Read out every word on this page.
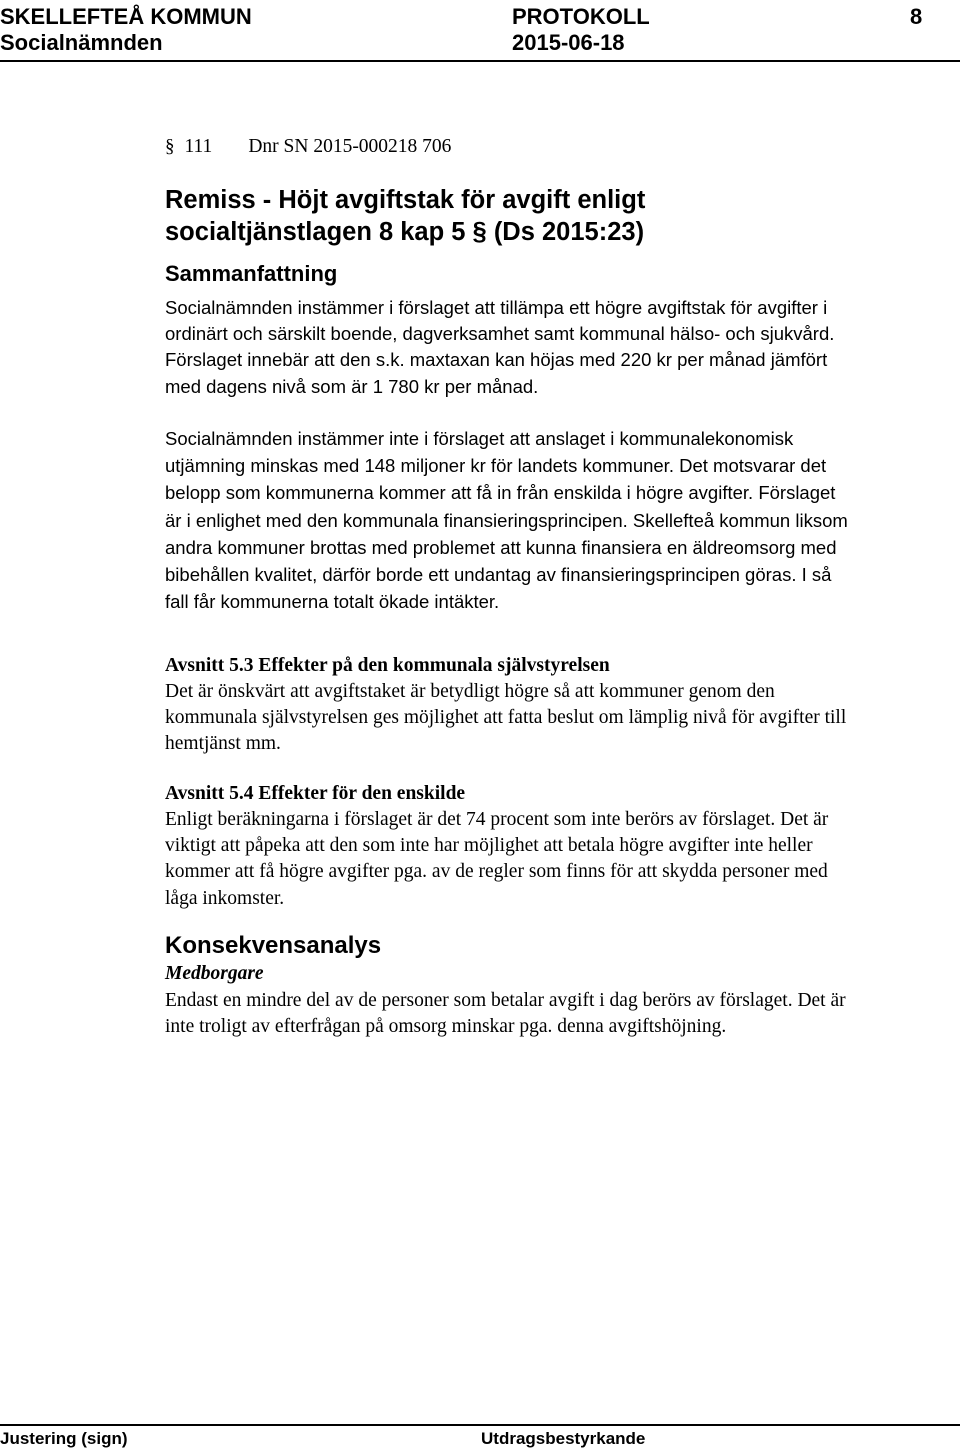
SKELLEFTEÅ KOMMUN
Socialnämnden
PROTOKOLL
2015-06-18
8
§ 111 Dnr SN 2015-000218 706
Remiss - Höjt avgiftstak för avgift enligt
socialtjänstlagen 8 kap 5 § (Ds 2015:23)
Sammanfattning

Socialnämnden instämmer i förslaget att tillämpa ett högre avgiftstak för avgifter i ordinärt och särskilt boende, dagverksamhet samt kommunal hälso- och sjukvård. Förslaget innebär att den s.k. maxtaxan kan höjas med 220 kr per månad jämfört med dagens nivå som är 1 780 kr per månad.

Socialnämnden instämmer inte i förslaget att anslaget i kommunalekonomisk utjämning minskas med 148 miljoner kr för landets kommuner. Det motsvarar det belopp som kommunerna kommer att få in från enskilda i högre avgifter. Förslaget är i enlighet med den kommunala finansieringsprincipen. Skellefteå kommun liksom andra kommuner brottas med problemet att kunna finansiera en äldreomsorg med bibehållen kvalitet, därför borde ett undantag av finansieringsprincipen göras. I så fall får kommunerna totalt ökade intäkter.

Avsnitt 5.3 Effekter på den kommunala självstyrelsen

Det är önskvärt att avgiftstaket är betydligt högre så att kommuner genom den kommunala självstyrelsen ges möjlighet att fatta beslut om lämplig nivå för avgifter till hemtjänst mm.

Avsnitt 5.4 Effekter för den enskilde

Enligt beräkningarna i förslaget är det 74 procent som inte berörs av förslaget. Det är viktigt att påpeka att den som inte har möjlighet att betala högre avgifter inte heller kommer att få högre avgifter pga. av de regler som finns för att skydda personer med låga inkomster.

Konsekvensanalys
Medborgare

Endast en mindre del av de personer som betalar avgift i dag berörs av förslaget. Det är inte troligt av efterfrågan på omsorg minskar pga. denna avgiftshöjning.

Justering (sign)	Utdragsbestyrkande
